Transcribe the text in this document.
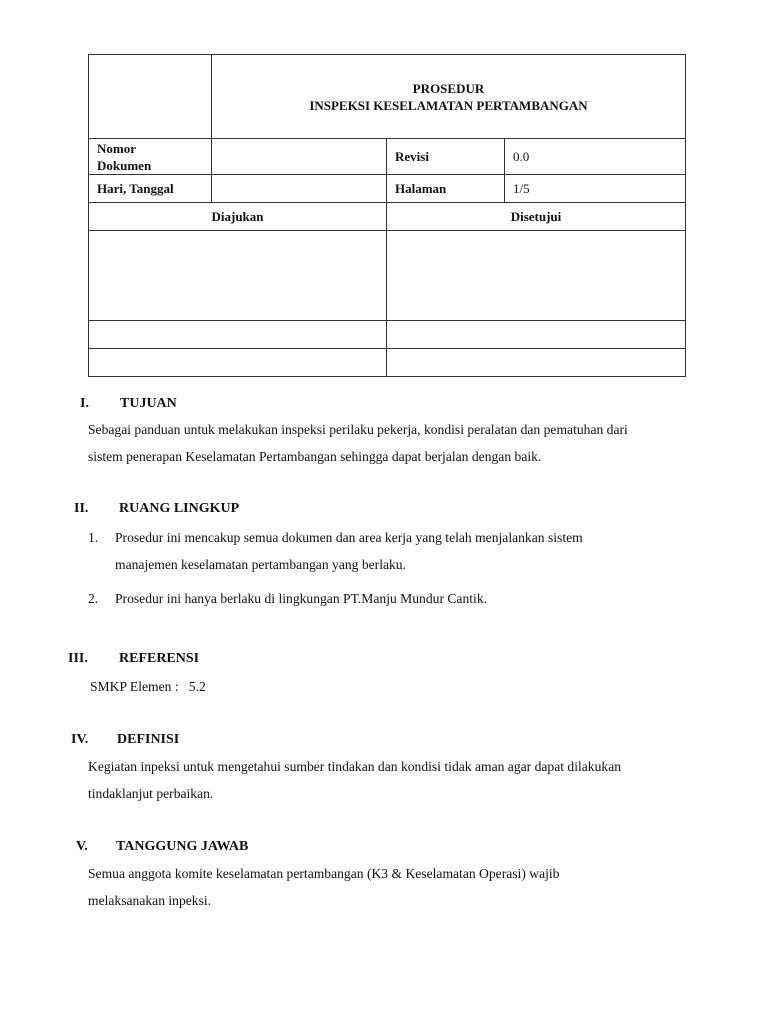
	PROSEDUR
INSPEKSI KESELAMATAN PERTAMBANGAN		

Nomor
Dokumen		Revisi	0.0
Hari, Tanggal		Halaman	1/5
Diajukan		Disetujui	

I. TUJUAN
Sebagai panduan untuk melakukan inspeksi perilaku pekerja, kondisi peralatan dan pematuhan dari
sistem penerapan Keselamatan Pertambangan sehingga dapat berjalan dengan baik.
II. RUANG LINGKUP
1. Prosedur ini mencakup semua dokumen dan area kerja yang telah menjalankan sistem
manajemen keselamatan pertambangan yang berlaku.
2. Prosedur ini hanya berlaku di lingkungan PT.Manju Mundur Cantik.
III. REFERENSI
SMKP Elemen :   5.2
IV. DEFINISI
Kegiatan inpeksi untuk mengetahui sumber tindakan dan kondisi tidak aman agar dapat dilakukan
tindaklanjut perbaikan.
V. TANGGUNG JAWAB
Semua anggota komite keselamatan pertambangan (K3 & Keselamatan Operasi) wajib
melaksanakan inpeksi.
